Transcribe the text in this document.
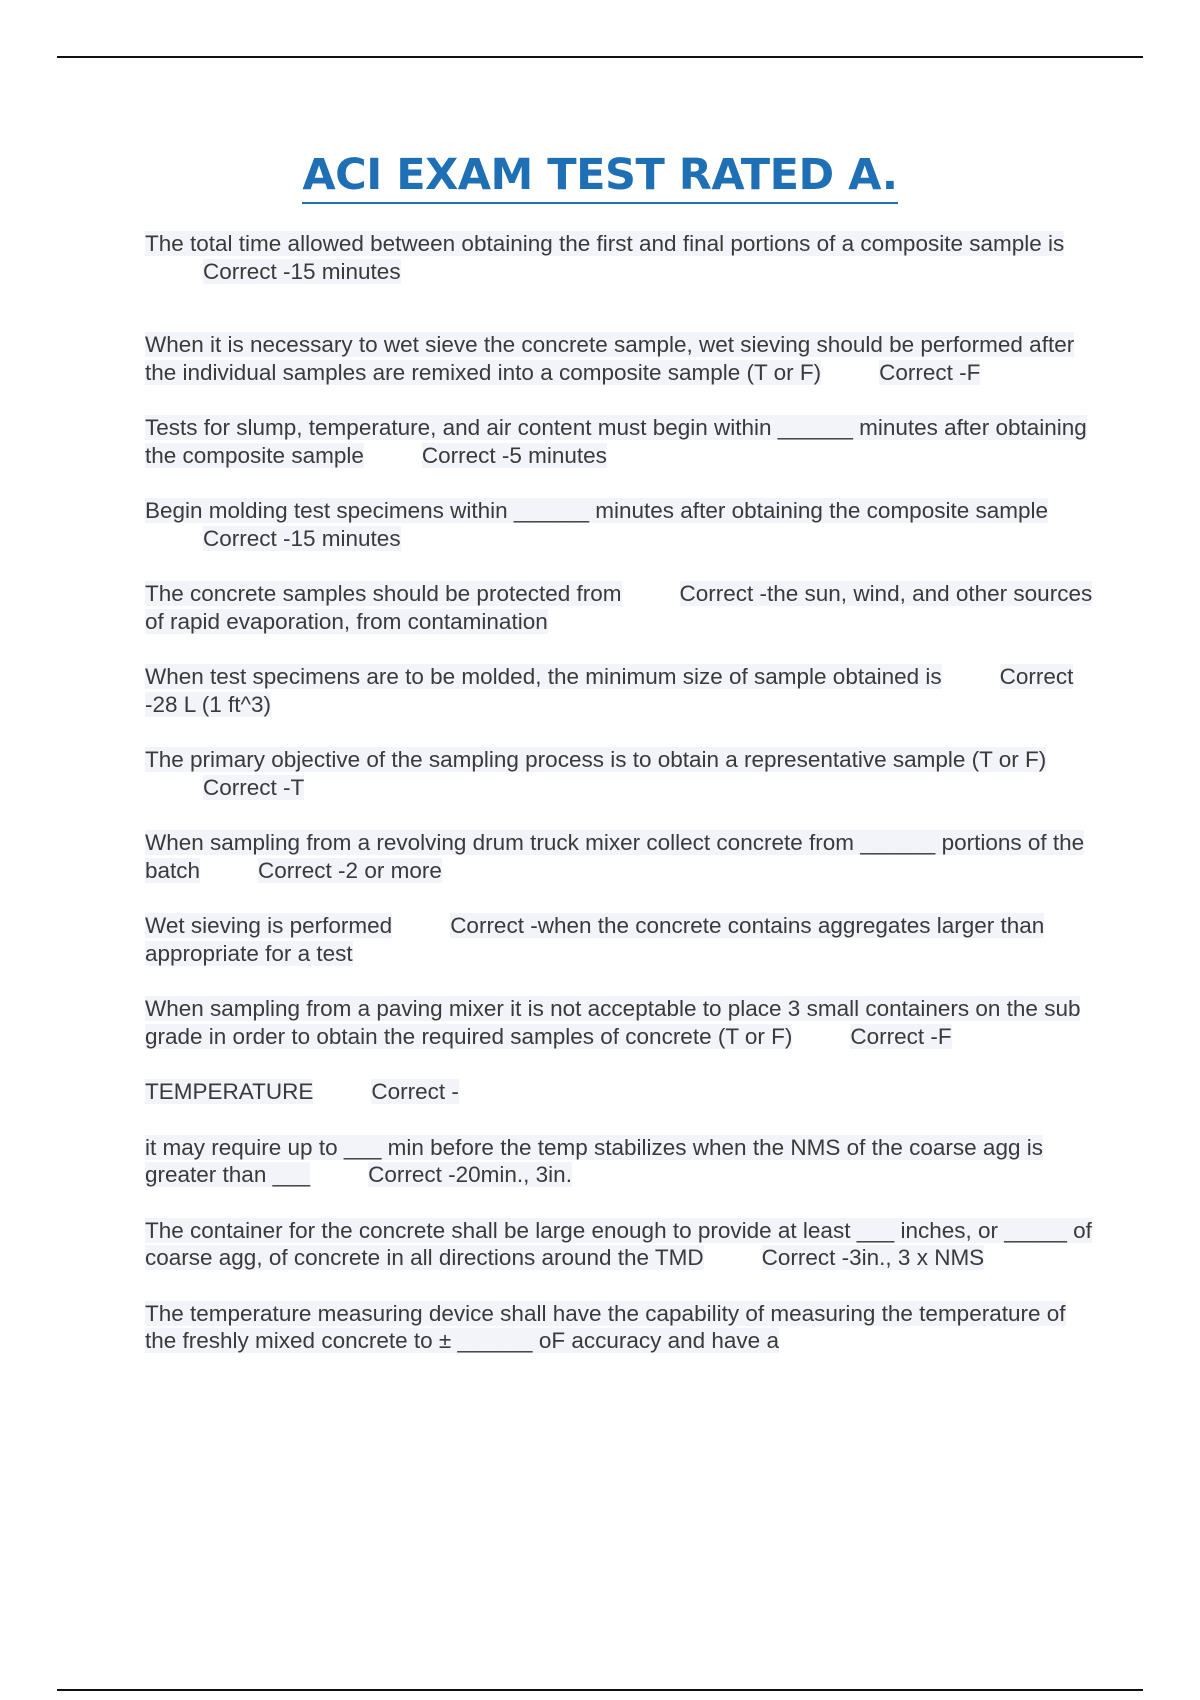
ACI EXAM TEST RATED A.

The total time allowed between obtaining the first and final portions of a composite sample isCorrect -15 minutes

When it is necessary to wet sieve the concrete sample, wet sieving should be performed after the individual samples are remixed into a composite sample (T or F)	Correct -F

Tests for slump, temperature, and air content must begin within ______ minutes after obtaining the composite sample	Correct -5 minutes

Begin molding test specimens within ______ minutes after obtaining the composite sampleCorrect -15 minutes

The concrete samples should be protected from	Correct -the sun, wind, and other sources of rapid evaporation, from contamination

When test specimens are to be molded, the minimum size of sample obtained is	Correct -28 L (1 ft^3)

The primary objective of the sampling process is to obtain a representative sample (T or F)Correct -T

When sampling from a revolving drum truck mixer collect concrete from ______ portions of the batch	Correct -2 or more

Wet sieving is performed	Correct -when the concrete contains aggregates larger than appropriate for a test

When sampling from a paving mixer it is not acceptable to place 3 small containers on the sub grade in order to obtain the required samples of concrete (T or F)	Correct -F

TEMPERATURE	Correct -

it may require up to ___ min before the temp stabilizes when the NMS of the coarse agg is greater than ___	Correct -20min., 3in.

The container for the concrete shall be large enough to provide at least ___ inches, or _____ of coarse agg, of concrete in all directions around the TMD	Correct -3in., 3 x NMS

The temperature measuring device shall have the capability of measuring the temperature of the freshly mixed concrete to ± ______ oF accuracy and have a
